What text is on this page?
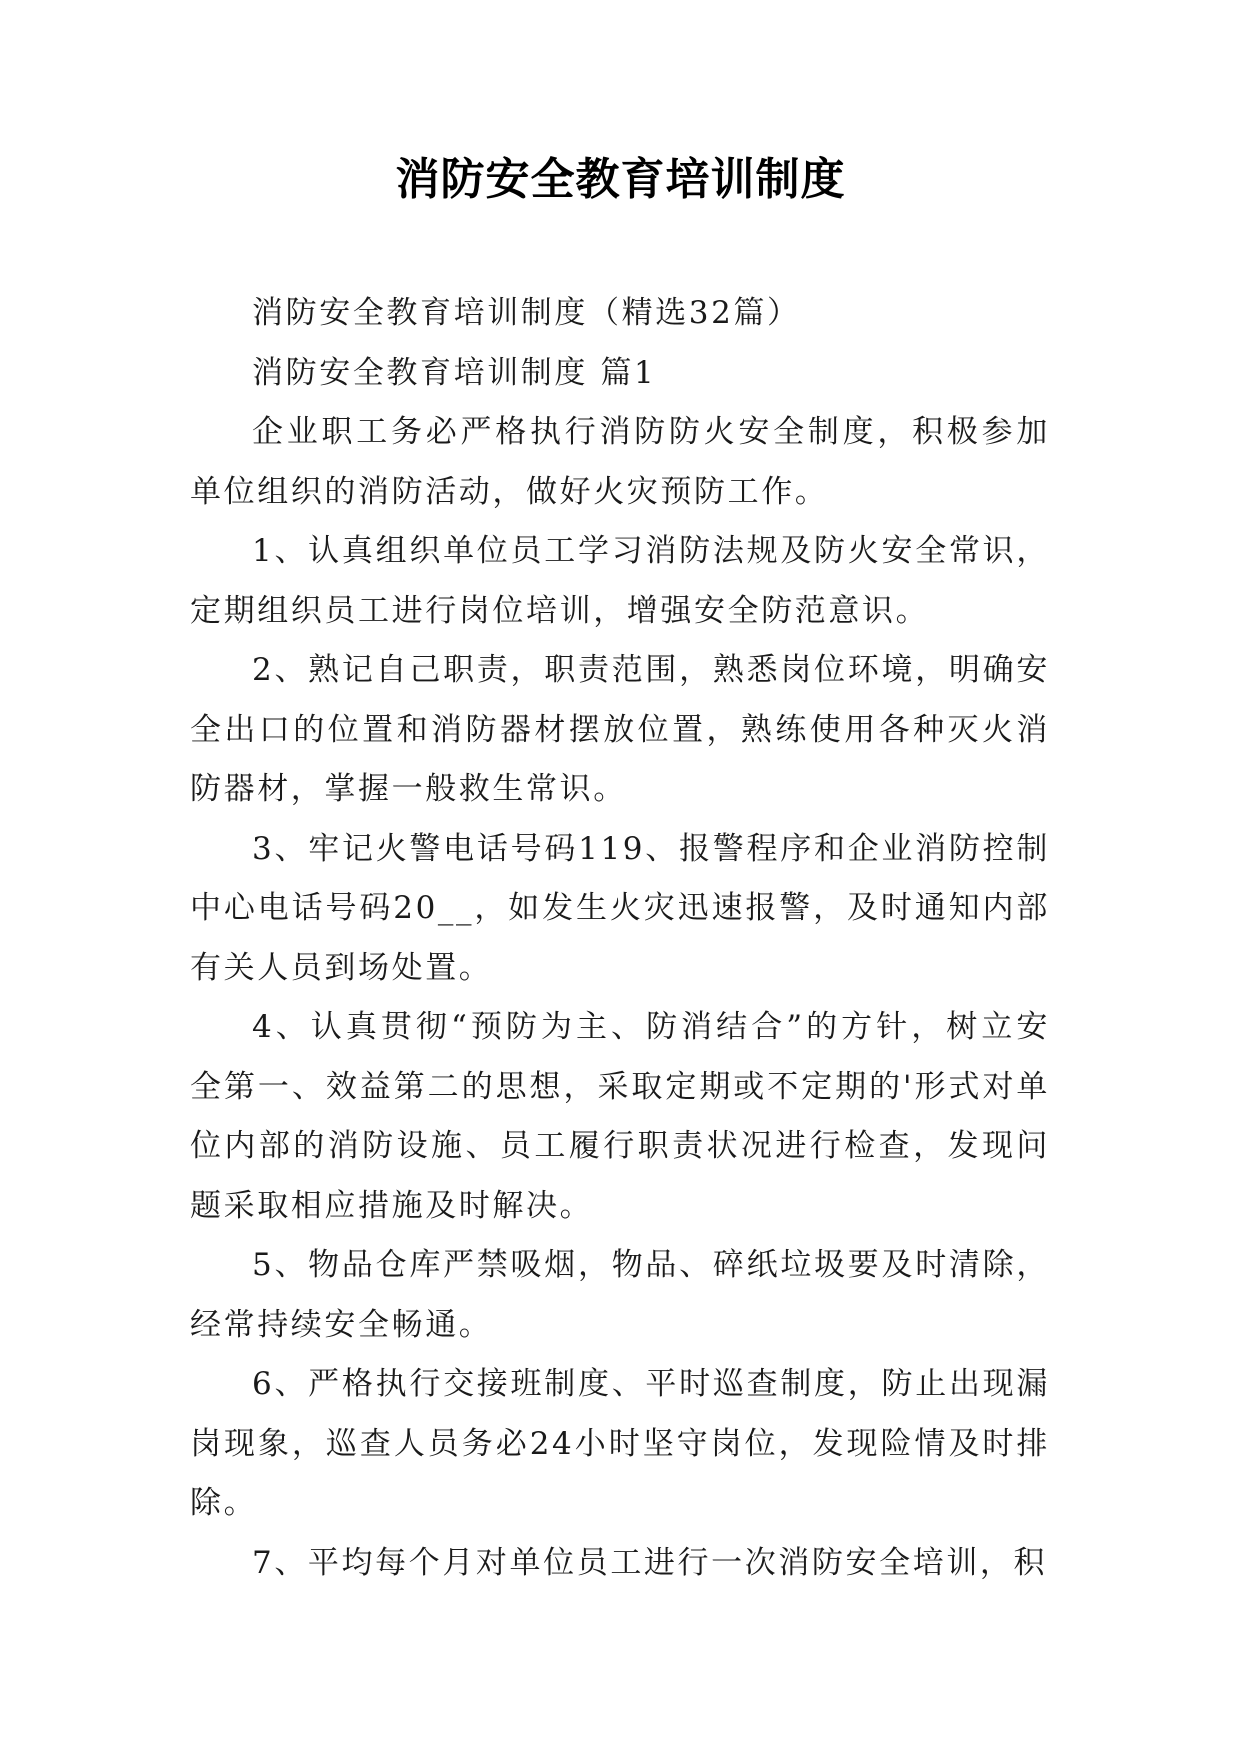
消防安全教育培训制度

消防安全教育培训制度（精选32篇）

消防安全教育培训制度 篇1

企业职工务必严格执行消防防火安全制度，积极参加单位组织的消防活动，做好火灾预防工作。

1、认真组织单位员工学习消防法规及防火安全常识，定期组织员工进行岗位培训，增强安全防范意识。

2、熟记自己职责，职责范围，熟悉岗位环境，明确安全出口的位置和消防器材摆放位置，熟练使用各种灭火消防器材，掌握一般救生常识。

3、牢记火警电话号码119、报警程序和企业消防控制中心电话号码20__，如发生火灾迅速报警，及时通知内部有关人员到场处置。

4、认真贯彻“预防为主、防消结合”的方针，树立安全第一、效益第二的思想，采取定期或不定期的'形式对单位内部的消防设施、员工履行职责状况进行检查，发现问题采取相应措施及时解决。

5、物品仓库严禁吸烟，物品、碎纸垃圾要及时清除，经常持续安全畅通。

6、严格执行交接班制度、平时巡查制度，防止出现漏岗现象，巡查人员务必24小时坚守岗位，发现险情及时排除。

7、平均每个月对单位员工进行一次消防安全培训，积
